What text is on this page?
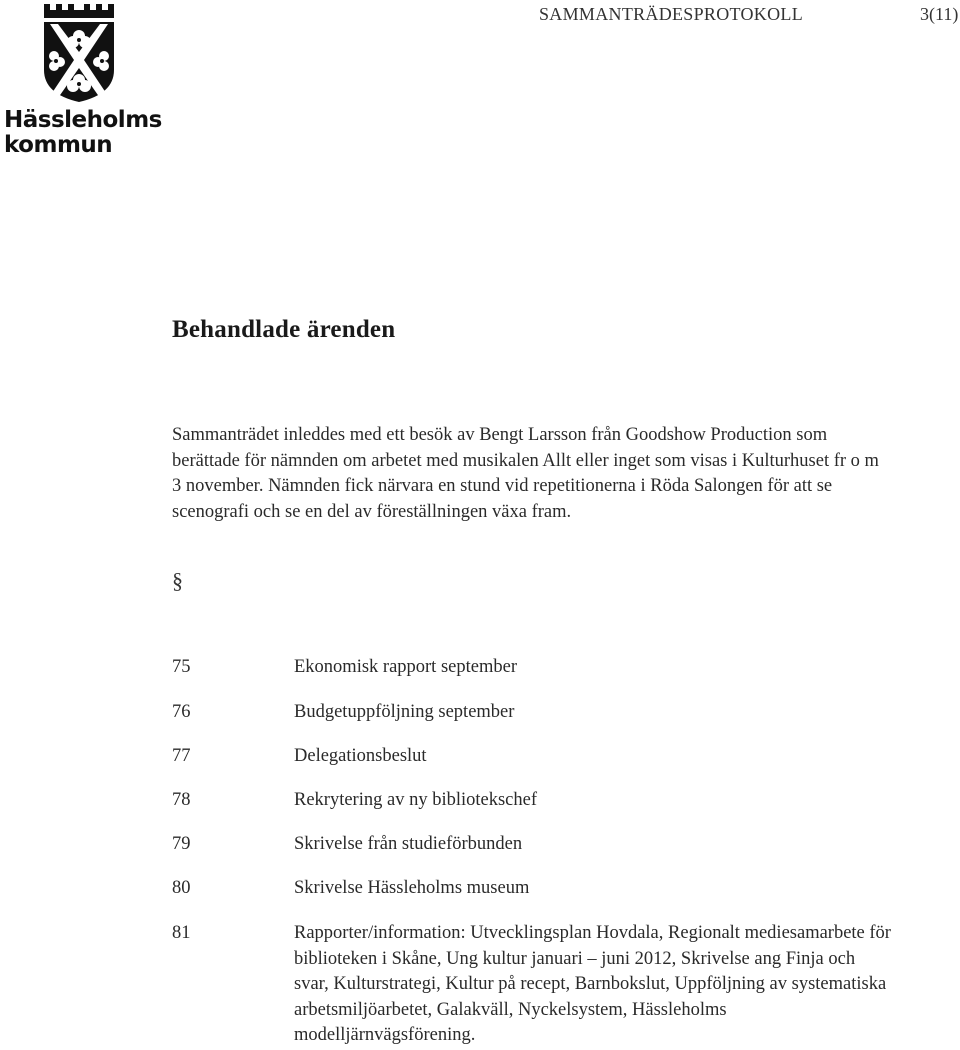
Hässleholms
kommun
SAMMANTRÄDESPROTOKOLL	3(11)
Behandlade ärenden

Sammanträdet inleddes med ett besök av Bengt Larsson från Goodshow Production som berättade för nämnden om arbetet med musikalen Allt eller inget som visas i Kulturhuset fr o m 3 november. Nämnden fick närvara en stund vid repetitionerna i Röda Salongen för att se scenografi och se en del av föreställningen växa fram.

§
75	Ekonomisk rapport september
76	Budgetuppföljning september
77	Delegationsbeslut
78	Rekrytering av ny bibliotekschef
79	Skrivelse från studieförbunden
80	Skrivelse Hässleholms museum
81	Rapporter/information: Utvecklingsplan Hovdala, Regionalt mediesamarbete för biblioteken i Skåne, Ung kultur januari – juni 2012, Skrivelse ang Finja och svar, Kulturstrategi, Kultur på recept, Barnbokslut, Uppföljning av systematiska arbetsmiljöarbetet, Galakväll, Nyckelsystem, Hässleholms modelljärnvägsförening.
